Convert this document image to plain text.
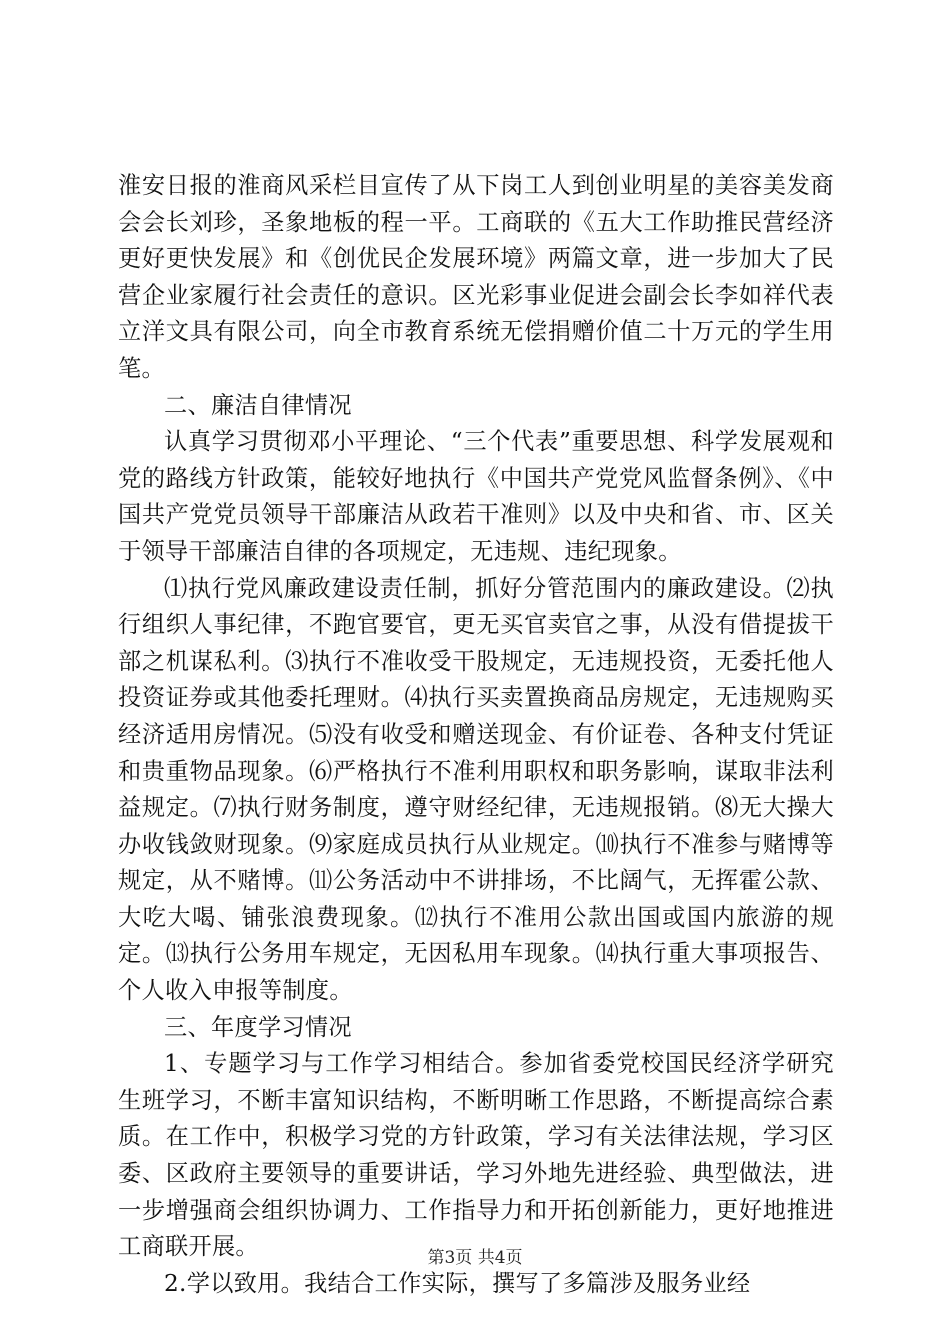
淮安日报的淮商风采栏目宣传了从下岗工人到创业明星的美容美发商会会长刘珍，圣象地板的程一平。工商联的《五大工作助推民营经济更好更快发展》和《创优民企发展环境》两篇文章，进一步加大了民营企业家履行社会责任的意识。区光彩事业促进会副会长李如祥代表立洋文具有限公司，向全市教育系统无偿捐赠价值二十万元的学生用笔。

二、廉洁自律情况

认真学习贯彻邓小平理论、“三个代表”重要思想、科学发展观和党的路线方针政策，能较好地执行《中国共产党党风监督条例》、《中国共产党党员领导干部廉洁从政若干准则》以及中央和省、市、区关于领导干部廉洁自律的各项规定，无违规、违纪现象。

⑴执行党风廉政建设责任制，抓好分管范围内的廉政建设。⑵执行组织人事纪律，不跑官要官，更无买官卖官之事，从没有借提拔干部之机谋私利。⑶执行不准收受干股规定，无违规投资，无委托他人投资证券或其他委托理财。⑷执行买卖置换商品房规定，无违规购买经济适用房情况。⑸没有收受和赠送现金、有价证卷、各种支付凭证和贵重物品现象。⑹严格执行不准利用职权和职务影响，谋取非法利益规定。⑺执行财务制度，遵守财经纪律，无违规报销。⑻无大操大办收钱敛财现象。⑼家庭成员执行从业规定。⑽执行不准参与赌博等规定，从不赌博。⑾公务活动中不讲排场，不比阔气，无挥霍公款、大吃大喝、铺张浪费现象。⑿执行不准用公款出国或国内旅游的规定。⒀执行公务用车规定，无因私用车现象。⒁执行重大事项报告、个人收入申报等制度。

三、年度学习情况

1、专题学习与工作学习相结合。参加省委党校国民经济学研究生班学习，不断丰富知识结构，不断明晰工作思路，不断提高综合素质。在工作中，积极学习党的方针政策，学习有关法律法规，学习区委、区政府主要领导的重要讲话，学习外地先进经验、典型做法，进一步增强商会组织协调力、工作指导力和开拓创新能力，更好地推进工商联开展。

2.学以致用。我结合工作实际，撰写了多篇涉及服务业经

第3页 共4页
